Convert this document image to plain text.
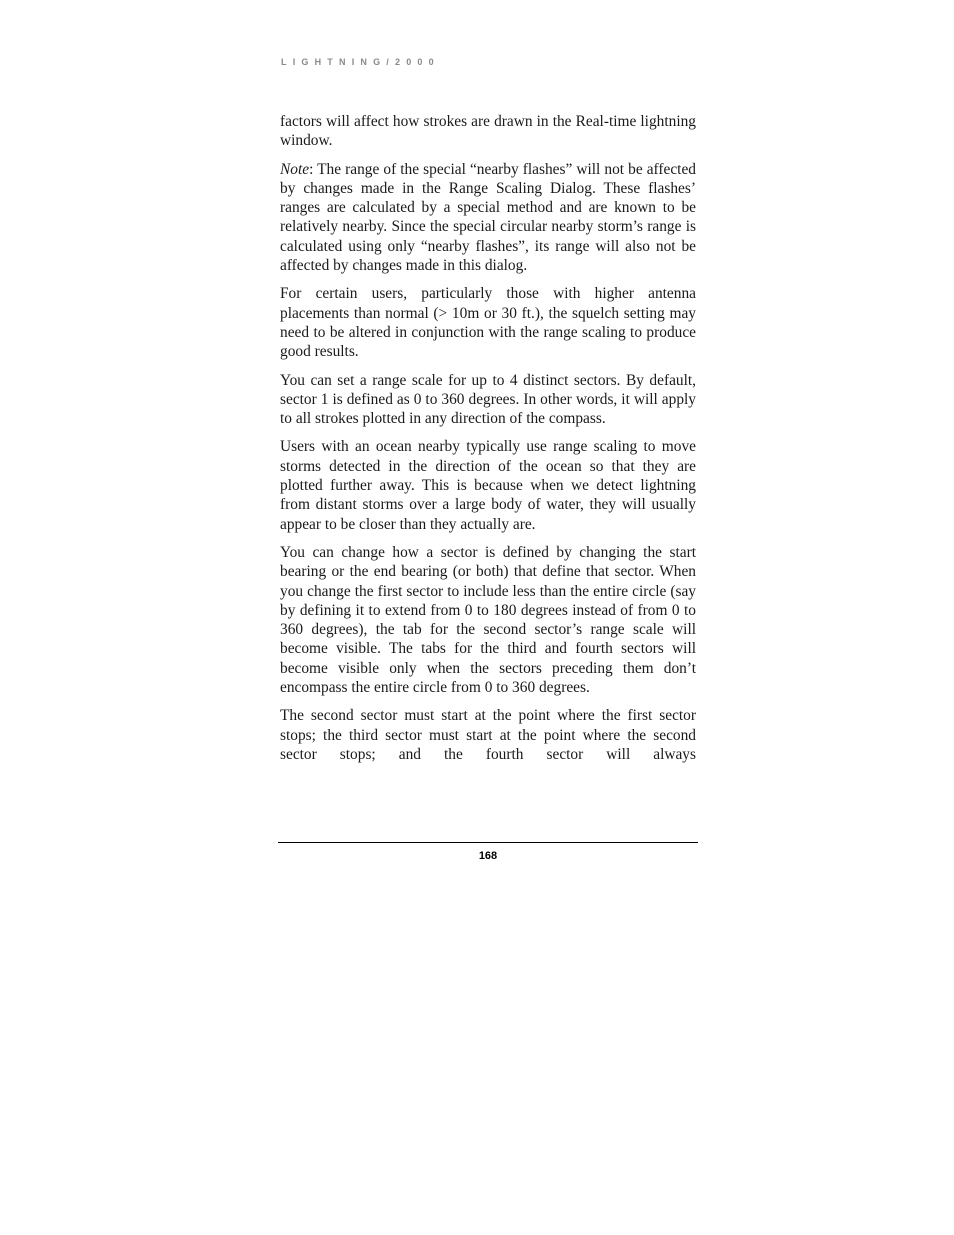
LIGHTNING/2000

factors will affect how strokes are drawn in the Real-time lightning window.

Note: The range of the special “nearby flashes” will not be affected by changes made in the Range Scaling Dialog. These flashes’ ranges are calculated by a special method and are known to be relatively nearby. Since the special circular nearby storm’s range is calculated using only “nearby flashes”, its range will also not be affected by changes made in this dialog.

For certain users, particularly those with higher antenna placements than normal (> 10m or 30 ft.), the squelch setting may need to be altered in conjunction with the range scaling to produce good results.

You can set a range scale for up to 4 distinct sectors. By default, sector 1 is defined as 0 to 360 degrees. In other words, it will apply to all strokes plotted in any direction of the compass.

Users with an ocean nearby typically use range scaling to move storms detected in the direction of the ocean so that they are plotted further away. This is because when we detect lightning from distant storms over a large body of water, they will usually appear to be closer than they actually are.

You can change how a sector is defined by changing the start bearing or the end bearing (or both) that define that sector. When you change the first sector to include less than the entire circle (say by defining it to extend from 0 to 180 degrees instead of from 0 to 360 degrees), the tab for the second sector’s range scale will become visible. The tabs for the third and fourth sectors will become visible only when the sectors preceding them don’t encompass the entire circle from 0 to 360 degrees.

The second sector must start at the point where the first sector stops; the third sector must start at the point where the second sector stops; and the fourth sector will always

168
